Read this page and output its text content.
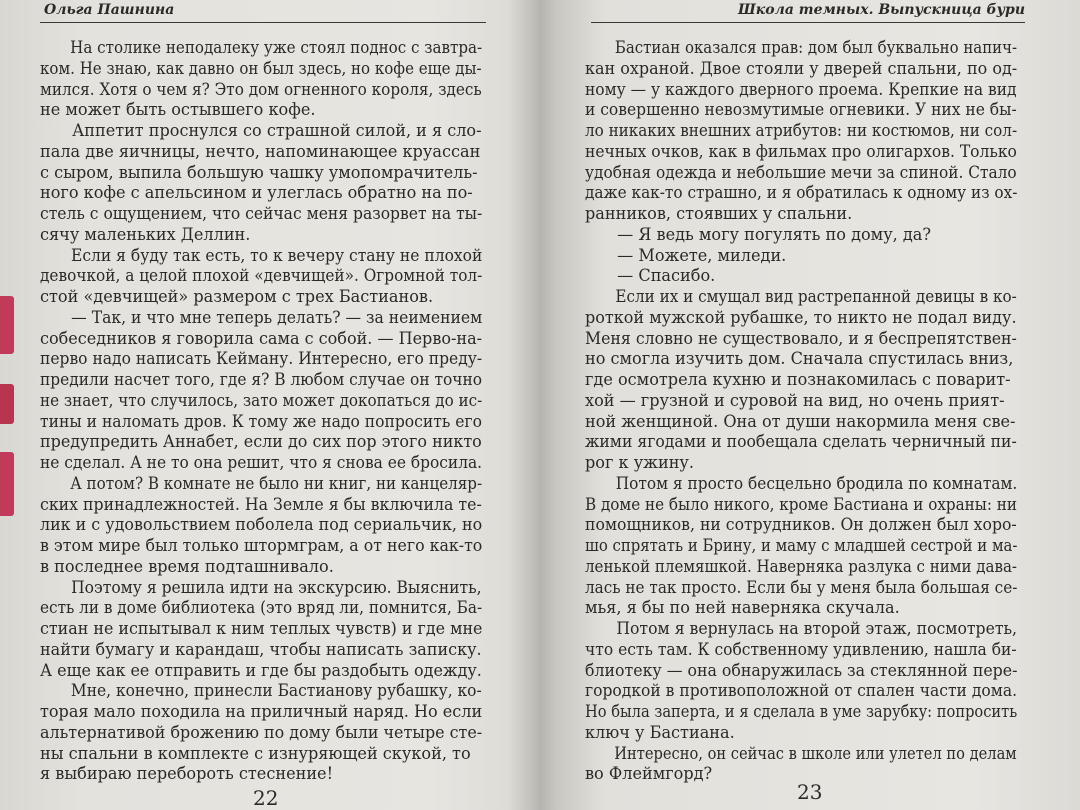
Ольга Пашнина
  На столике неподалеку уже стоял поднос с завтра-
ком. Не знаю, как давно он был здесь, но кофе еще ды-
мился. Хотя о чем я? Это дом огненного короля, здесь
не может быть остывшего кофе.
  Аппетит проснулся со страшной силой, и я сло-
пала две яичницы, нечто, напоминающее круассан
с сыром, выпила большую чашку умопомрачитель-
ного кофе с апельсином и улеглась обратно на по-
стель с ощущением, что сейчас меня разорвет на ты-
сячу маленьких Деллин.
  Если я буду так есть, то к вечеру стану не плохой
девочкой, а целой плохой «девчищей». Огромной тол-
стой «девчищей» размером с трех Бастианов.
  — Так, и что мне теперь делать? — за неимением
собеседников я говорила сама с собой. — Перво-на-
перво надо написать Кейману. Интересно, его преду-
предили насчет того, где я? В любом случае он точно
не знает, что случилось, зато может докопаться до ис-
тины и наломать дров. К тому же надо попросить его
предупредить Аннабет, если до сих пор этого никто
не сделал. А не то она решит, что я снова ее бросила.
  А потом? В комнате не было ни книг, ни канцеляр-
ских принадлежностей. На Земле я бы включила те-
лик и с удовольствием поболела под сериальчик, но
в этом мире был только штормграм, а от него как-то
в последнее время подташнивало.
  Поэтому я решила идти на экскурсию. Выяснить,
есть ли в доме библиотека (это вряд ли, помнится, Ба-
стиан не испытывал к ним теплых чувств) и где мне
найти бумагу и карандаш, чтобы написать записку.
А еще как ее отправить и где бы раздобыть одежду.
  Мне, конечно, принесли Бастианову рубашку, ко-
торая мало походила на приличный наряд. Но если
альтернативой брожению по дому были четыре сте-
ны спальни в комплекте с изнуряющей скукой, то
я выбираю перебороть стеснение!
22
Школа темных. Выпускница бури
  Бастиан оказался прав: дом был буквально напич-
кан охраной. Двое стояли у дверей спальни, по од-
ному — у каждого дверного проема. Крепкие на вид
и совершенно невозмутимые огневики. У них не бы-
ло никаких внешних атрибутов: ни костюмов, ни сол-
нечных очков, как в фильмах про олигархов. Только
удобная одежда и небольшие мечи за спиной. Стало
даже как-то страшно, и я обратилась к одному из ох-
ранников, стоявших у спальни.
  — Я ведь могу погулять по дому, да?
  — Можете, миледи.
  — Спасибо.
  Если их и смущал вид растрепанной девицы в ко-
роткой мужской рубашке, то никто не подал виду.
Меня словно не существовало, и я беспрепятствен-
но смогла изучить дом. Сначала спустилась вниз,
где осмотрела кухню и познакомилась с поварит-
хой — грузной и суровой на вид, но очень прият-
ной женщиной. Она от души накормила меня све-
жими ягодами и пообещала сделать черничный пи-
рог к ужину.
  Потом я просто бесцельно бродила по комнатам.
В доме не было никого, кроме Бастиана и охраны: ни
помощников, ни сотрудников. Он должен был хоро-
шо спрятать и Брину, и маму с младшей сестрой и ма-
ленькой племяшкой. Наверняка разлука с ними дава-
лась не так просто. Если бы у меня была большая се-
мья, я бы по ней наверняка скучала.
  Потом я вернулась на второй этаж, посмотреть,
что есть там. К собственному удивлению, нашла би-
блиотеку — она обнаружилась за стеклянной пере-
городкой в противоположной от спален части дома.
Но была заперта, и я сделала в уме зарубку: попросить
ключ у Бастиана.
  Интересно, он сейчас в школе или улетел по делам
во Флеймгорд?
23
